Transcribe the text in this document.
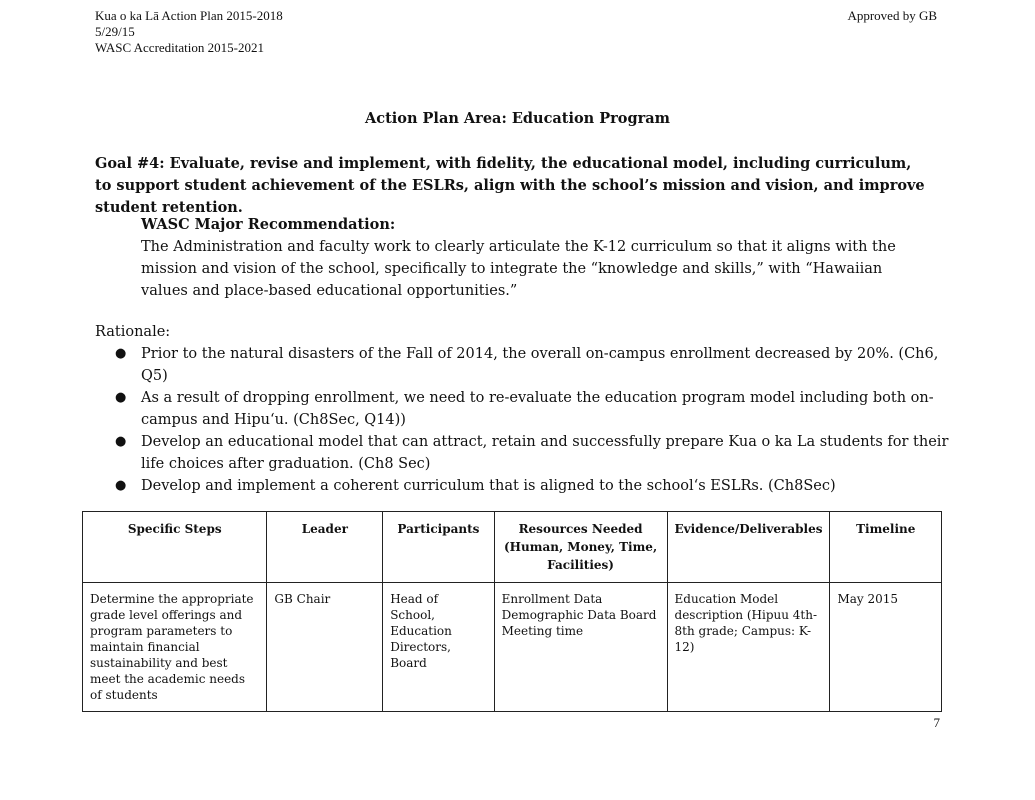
Kua o ka Lā Action Plan 2015-2018
5/29/15
WASC Accreditation 2015-2021
Approved by GB
Action Plan Area: Education Program
Goal #4: Evaluate, revise and implement, with fidelity, the educational model, including curriculum, to support student achievement of the ESLRs, align with the school’s mission and vision, and improve student retention.
WASC Major Recommendation:
The Administration and faculty work to clearly articulate the K-12 curriculum so that it aligns with the mission and vision of the school, specifically to integrate the “knowledge and skills,” with “Hawaiian values and place-based educational opportunities.”
Rationale:
● Prior to the natural disasters of the Fall of 2014, the overall on-campus enrollment decreased by 20%. (Ch6, Q5)
● As a result of dropping enrollment, we need to re-evaluate the education program model including both on-campus and Hipuʻu. (Ch8Sec, Q14))
● Develop an educational model that can attract, retain and successfully prepare Kua o ka La students for their life choices after graduation. (Ch8 Sec)
● Develop and implement a coherent curriculum that is aligned to the school‘s ESLRs. (Ch8Sec)
Specific Steps	Leader	Participants	Resources Needed (Human, Money, Time, Facilities)	Evidence/Deliverables	Timeline
Determine the appropriate grade level offerings and program parameters to maintain financial sustainability and best meet the academic needs of students	GB Chair	Head of School, Education Directors, Board	Enrollment Data Demographic Data Board Meeting time	Education Model description (Hipuu 4th-8th grade; Campus: K-12)	May 2015
7
